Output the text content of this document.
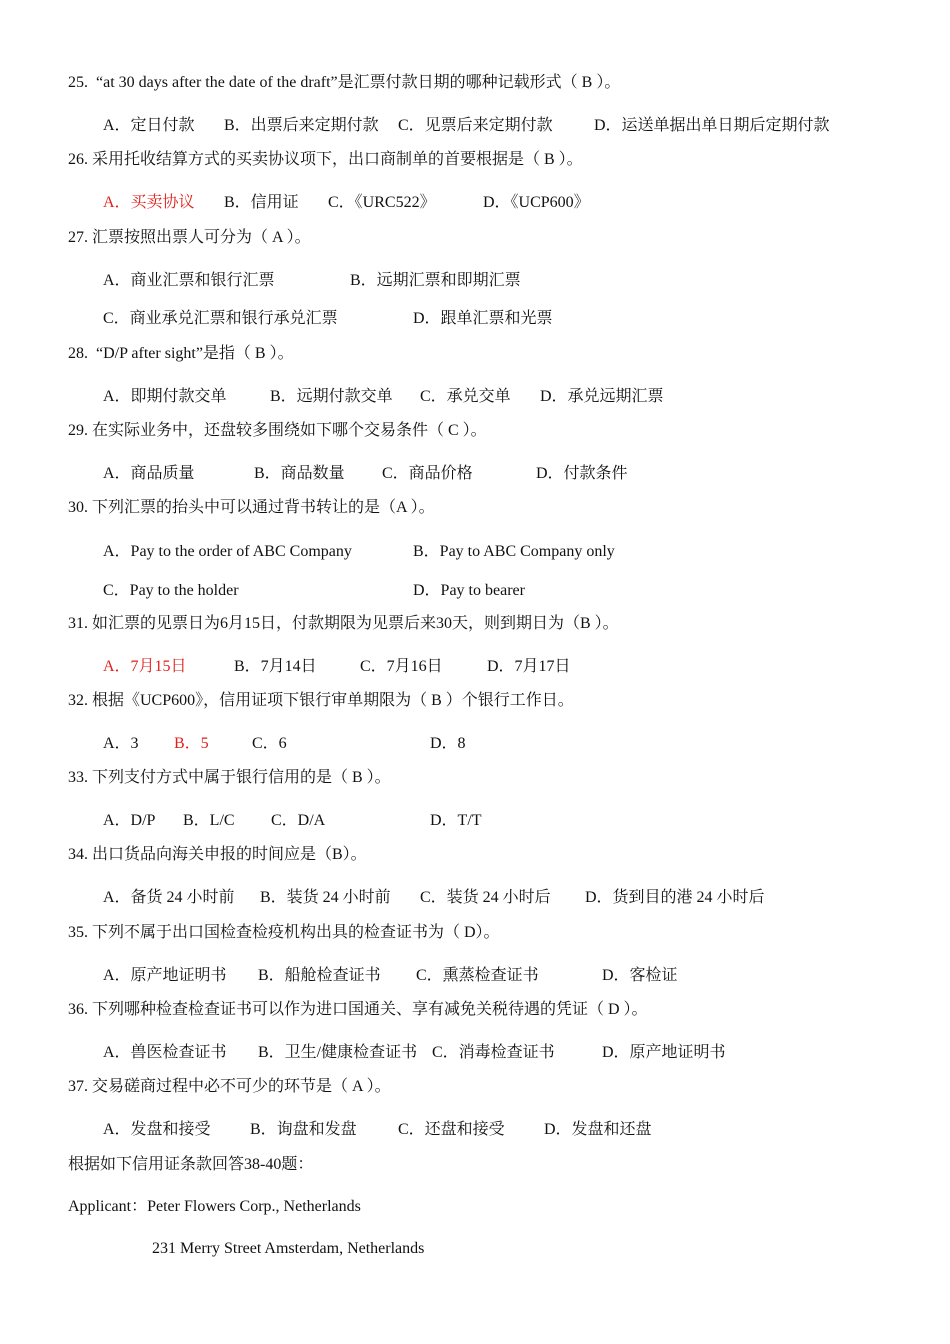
25. “at 30 days after the date of the draft”是汇票付款日期的哪种记载形式（ B ）。
A．定日付款 B．出票后来定期付款 C．见票后来定期付款	D．运送单据出单日期后定期付款
26. 采用托收结算方式的买卖协议项下，出口商制单的首要根据是（ B ）。
A．买卖协议 B．信用证 C．《URC522》	D．《UCP600》
27. 汇票按照出票人可分为（ A ）。
A．商业汇票和银行汇票	B．远期汇票和即期汇票
C．商业承兑汇票和银行承兑汇票	D．跟单汇票和光票
28. “D/P after sight”是指（ B ）。
A．即期付款交单	B．远期付款交单 C．承兑交单 D．承兑远期汇票
29. 在实际业务中，还盘较多围绕如下哪个交易条件（ C ）。
A．商品质量	B．商品数量 C．商品价格	D．付款条件
30. 下列汇票的抬头中可以通过背书转让的是（A ）。
A．Pay to the order of ABC Company	B．Pay to ABC Company only
C．Pay to the holder	D．Pay to bearer
31. 如汇票的见票日为6月15日，付款期限为见票后来30天，则到期日为（B ）。
A．7月15日	B．7月14日	C．7月16日	D．7月17日
32. 根据《UCP600》，信用证项下银行审单期限为（ B ）个银行工作日。
A．3 B．5	C．6	D．8
33. 下列支付方式中属于银行信用的是（ B ）。
A．D/P B．L/C C．D/A	D．T/T
34. 出口货品向海关申报的时间应是（B）。
A．备货 24 小时前 B．装货 24 小时前 C．装货 24 小时后 D．货到目的港 24 小时后
35. 下列不属于出口国检查检疫机构出具的检查证书为（ D）。
A．原产地证明书 B．船舱检查证书 C．熏蒸检查证书	D．客检证
36. 下列哪种检查检查证书可以作为进口国通关、享有减免关税待遇的凭证（ D ）。
A．兽医检查证书 B．卫生/健康检查证书 C．消毒检查证书	D．原产地证明书
37. 交易磋商过程中必不可少的环节是（ A ）。
A．发盘和接受 B．询盘和发盘	C．还盘和接受 D．发盘和还盘
根据如下信用证条款回答38-40题：
Applicant：Peter Flowers Corp., Netherlands
231 Merry Street Amsterdam, Netherlands
